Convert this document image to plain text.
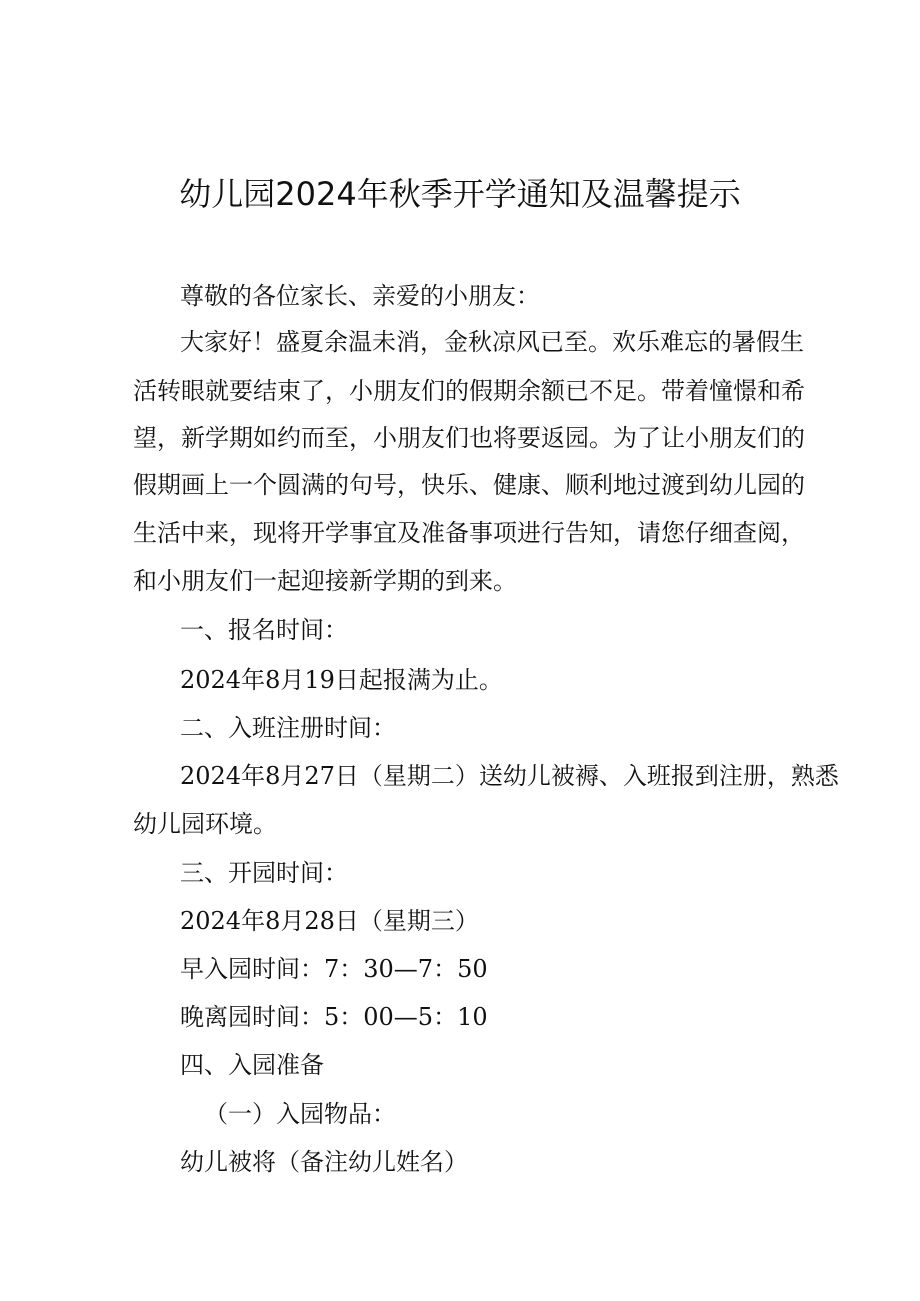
幼儿园2024年秋季开学通知及温馨提示

尊敬的各位家长、亲爱的小朋友：

大家好！盛夏余温未消，金秋凉风已至。欢乐难忘的暑假生

活转眼就要结束了，小朋友们的假期余额已不足。带着憧憬和希

望，新学期如约而至，小朋友们也将要返园。为了让小朋友们的

假期画上一个圆满的句号，快乐、健康、顺利地过渡到幼儿园的

生活中来，现将开学事宜及准备事项进行告知，请您仔细查阅，

和小朋友们一起迎接新学期的到来。

一、报名时间：

2024年8月19日起报满为止。

二、入班注册时间：

2024年8月27日（星期二）送幼儿被褥、入班报到注册，熟悉

幼儿园环境。

三、开园时间：

2024年8月28日（星期三）

早入园时间：7：30—7：50

晚离园时间：5：00—5：10

四、入园准备

（一）入园物品：

幼儿被将（备注幼儿姓名）
